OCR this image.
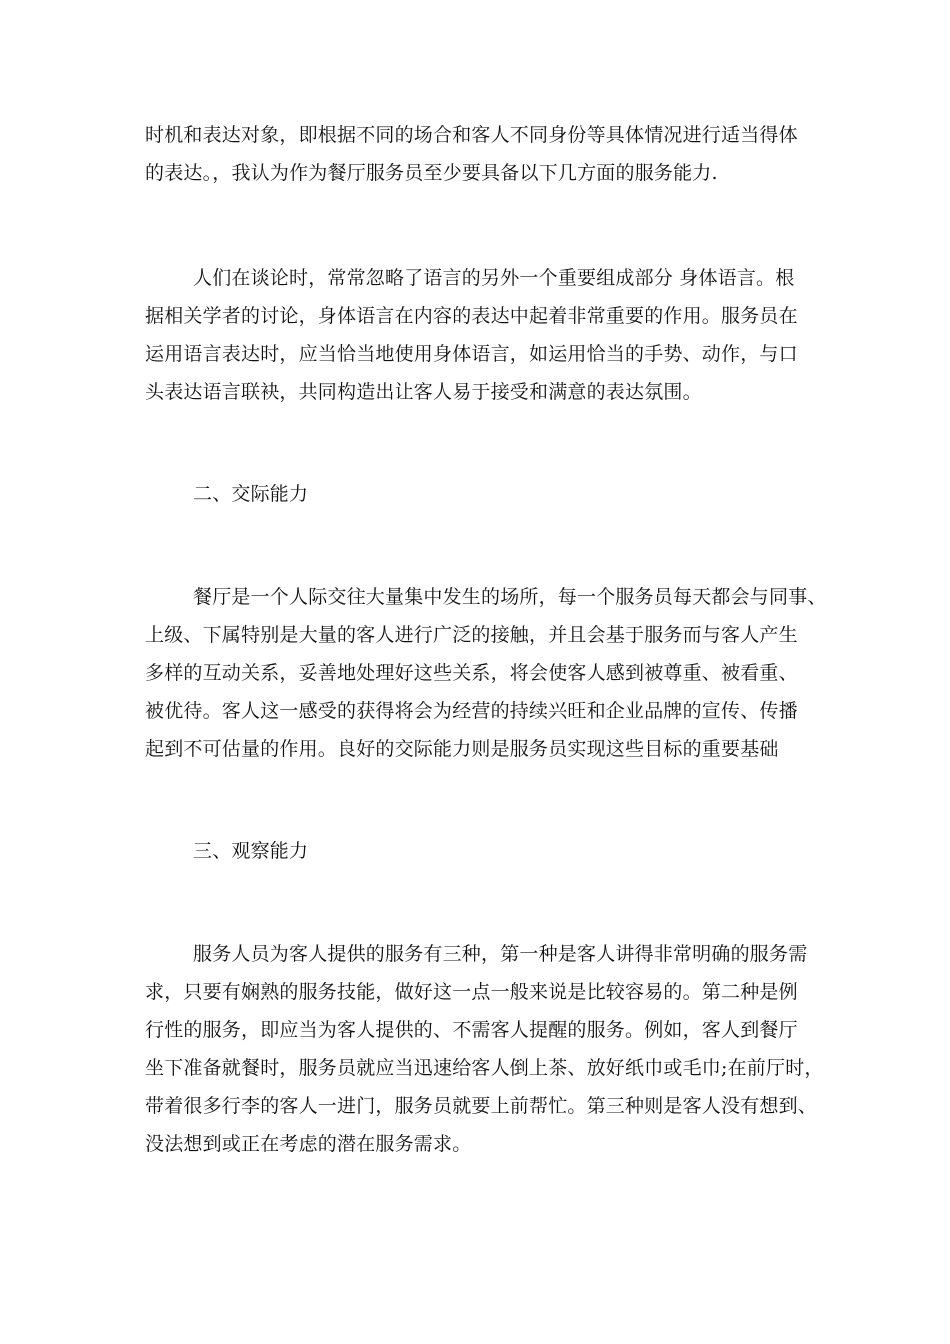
时机和表达对象，即根据不同的场合和客人不同身份等具体情况进行适当得体
的表达。，我认为作为餐厅服务员至少要具备以下几方面的服务能力.
人们在谈论时，常常忽略了语言的另外一个重要组成部分 身体语言。根
据相关学者的讨论，身体语言在内容的表达中起着非常重要的作用。服务员在
运用语言表达时，应当恰当地使用身体语言，如运用恰当的手势、动作，与口
头表达语言联袂，共同构造出让客人易于接受和满意的表达氛围。
二、交际能力
餐厅是一个人际交往大量集中发生的场所，每一个服务员每天都会与同事、
上级、下属特别是大量的客人进行广泛的接触，并且会基于服务而与客人产生
多样的互动关系，妥善地处理好这些关系，将会使客人感到被尊重、被看重、
被优待。客人这一感受的获得将会为经营的持续兴旺和企业品牌的宣传、传播
起到不可估量的作用。良好的交际能力则是服务员实现这些目标的重要基础
三、观察能力
服务人员为客人提供的服务有三种，第一种是客人讲得非常明确的服务需
求，只要有娴熟的服务技能，做好这一点一般来说是比较容易的。第二种是例
行性的服务，即应当为客人提供的、不需客人提醒的服务。例如，客人到餐厅
坐下准备就餐时，服务员就应当迅速给客人倒上茶、放好纸巾或毛巾;在前厅时，
带着很多行李的客人一进门，服务员就要上前帮忙。第三种则是客人没有想到、
没法想到或正在考虑的潜在服务需求。
